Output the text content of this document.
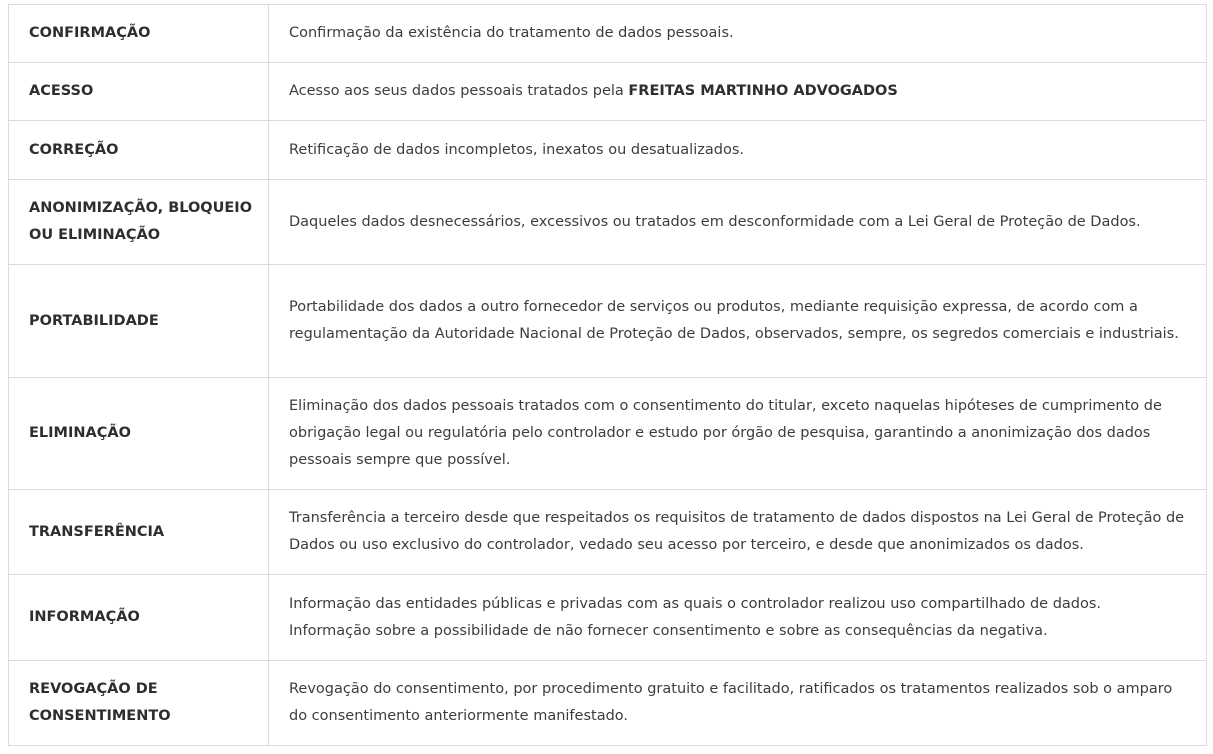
CONFIRMAÇÃO	Confirmação da existência do tratamento de dados pessoais.
ACESSO	Acesso aos seus dados pessoais tratados pela FREITAS MARTINHO ADVOGADOS
CORREÇÃO	Retificação de dados incompletos, inexatos ou desatualizados.
ANONIMIZAÇÃO, BLOQUEIO OU ELIMINAÇÃO	Daqueles dados desnecessários, excessivos ou tratados em desconformidade com a Lei Geral de Proteção de Dados.
PORTABILIDADE	Portabilidade dos dados a outro fornecedor de serviços ou produtos, mediante requisição expressa, de acordo com a regulamentação da Autoridade Nacional de Proteção de Dados, observados, sempre, os segredos comerciais e industriais.
ELIMINAÇÃO	Eliminação dos dados pessoais tratados com o consentimento do titular, exceto naquelas hipóteses de cumprimento de obrigação legal ou regulatória pelo controlador e estudo por órgão de pesquisa, garantindo a anonimização dos dados pessoais sempre que possível.
TRANSFERÊNCIA	Transferência a terceiro desde que respeitados os requisitos de tratamento de dados dispostos na Lei Geral de Proteção de Dados ou uso exclusivo do controlador, vedado seu acesso por terceiro, e desde que anonimizados os dados.
INFORMAÇÃO	Informação das entidades públicas e privadas com as quais o controlador realizou uso compartilhado de dados. Informação sobre a possibilidade de não fornecer consentimento e sobre as consequências da negativa.
REVOGAÇÃO DE CONSENTIMENTO	Revogação do consentimento, por procedimento gratuito e facilitado, ratificados os tratamentos realizados sob o amparo do consentimento anteriormente manifestado.
